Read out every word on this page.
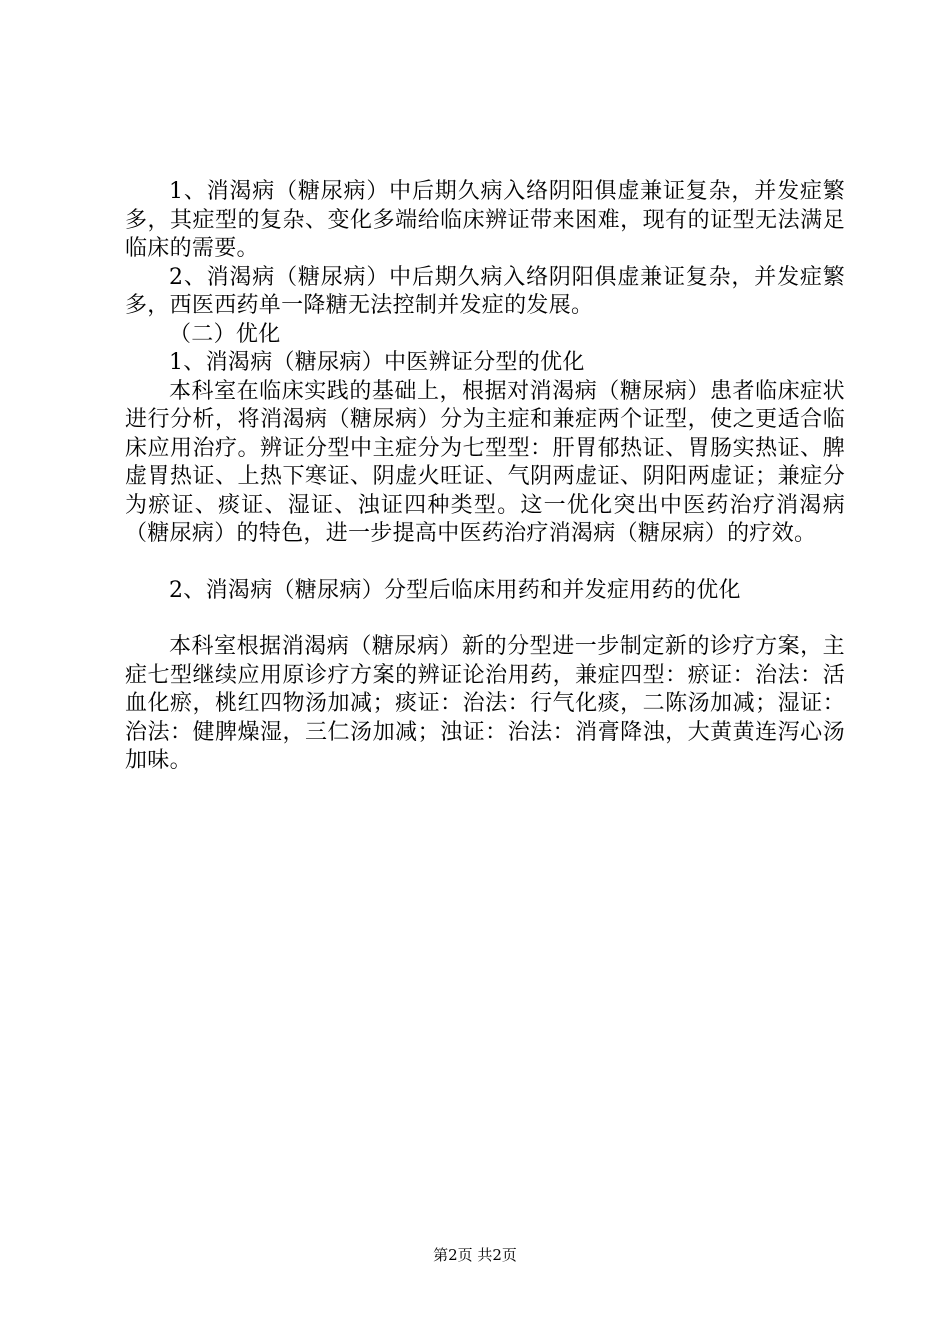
1、消渴病（糖尿病）中后期久病入络阴阳俱虚兼证复杂，并发症繁多，其症型的复杂、变化多端给临床辨证带来困难，现有的证型无法满足临床的需要。

2、消渴病（糖尿病）中后期久病入络阴阳俱虚兼证复杂，并发症繁多，西医西药单一降糖无法控制并发症的发展。

（二）优化

1、消渴病（糖尿病）中医辨证分型的优化

本科室在临床实践的基础上，根据对消渴病（糖尿病）患者临床症状进行分析，将消渴病（糖尿病）分为主症和兼症两个证型，使之更适合临床应用治疗。辨证分型中主症分为七型型：肝胃郁热证、胃肠实热证、脾虚胃热证、上热下寒证、阴虚火旺证、气阴两虚证、阴阳两虚证；兼症分为瘀证、痰证、湿证、浊证四种类型。这一优化突出中医药治疗消渴病（糖尿病）的特色，进一步提高中医药治疗消渴病（糖尿病）的疗效。

2、消渴病（糖尿病）分型后临床用药和并发症用药的优化

本科室根据消渴病（糖尿病）新的分型进一步制定新的诊疗方案，主症七型继续应用原诊疗方案的辨证论治用药，兼症四型：瘀证：治法：活血化瘀，桃红四物汤加减；痰证：治法：行气化痰，二陈汤加减；湿证：治法：健脾燥湿，三仁汤加减；浊证：治法：消膏降浊，大黄黄连泻心汤加味。

第2页 共2页
